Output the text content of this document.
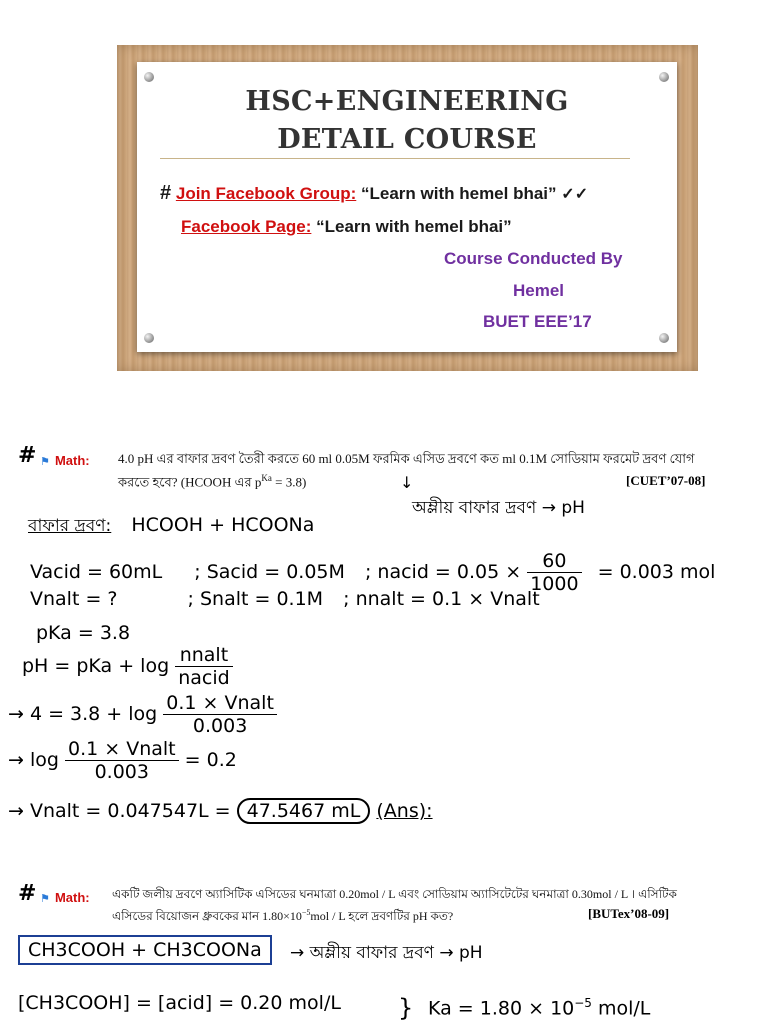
HSC+ENGINEERING
DETAIL COURSE
# Join Facebook Group: “Learn with hemel bhai” ✓✓
Facebook Page: “Learn with hemel bhai”
Course Conducted By
Hemel
BUET EEE’17
# ⚑ Math: 4.0 pH এর বাফার দ্রবণ তৈরী করতে 60 ml 0.05M ফরমিক এসিড দ্রবণে কত ml 0.1M সোডিয়াম ফরমেট দ্রবণ যোগ
করতে হবে? (HCOOH এর $p^{Ka} = 3.8$)	[CUET’07-08]
↓
অম্লীয় বাফার দ্রবণ → pH
বাফার দ্রবণ: HCOOH + HCOONa
Vacid = 60mL ; Sacid = 0.05M ; nacid = $0.05 \times \frac{60}{1000} = 0.003$ mol
Vnalt = ?	; Snalt = 0.1M ; nnalt = 0.1 × Vnalt
pKa = 3.8
pH = pKa + $\log \frac{\text{nnalt}}{\text{nacid}}$
→ $4 = 3.8 + \log \frac{\text{0.1 × Vnalt}}{0.003}$
→ $\log \frac{\text{0.1 × Vnalt}}{0.003} = 0.2$
→ Vnalt = 0.047547L = 47.5467 mL (Ans):
# ⚑ Math: একটি জলীয় দ্রবণে অ্যাসিটিক এসিডের ঘনমাত্রা 0.20mol / L এবং সোডিয়াম অ্যাসিটেটের ঘনমাত্রা 0.30mol / L । এসিটিক
এসিডের বিয়োজন ধ্রুবকের মান $1.80\times 10^{-5}mol / L$ হলে দ্রবণটির pH কত?	[BUTex’08-09]
CH3COOH + CH3COONa	→ অম্লীয় বাফার দ্রবণ → pH
[CH3COOH] = [acid] = 0.20 mol/L } $Ka = 1.80 \times 10^{-5}$ mol/L
